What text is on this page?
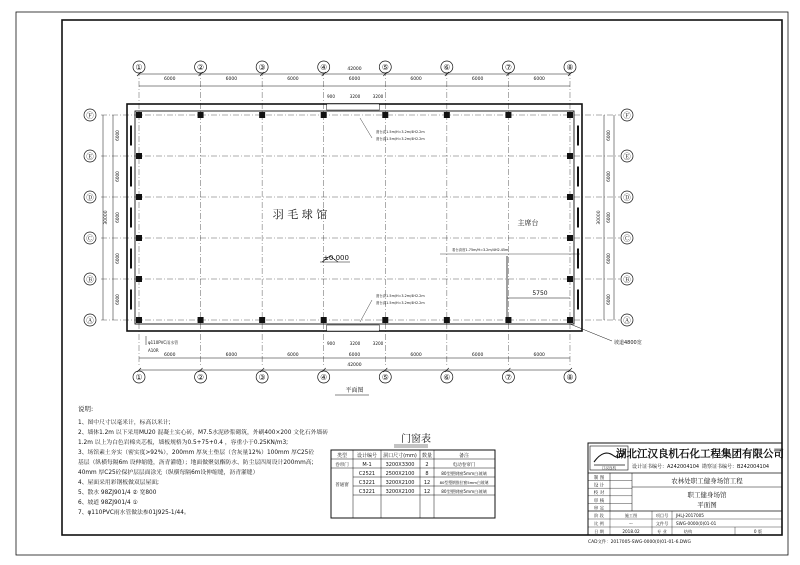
①
①
②
②
③
③
④
④
⑤
⑤
⑥
⑥
⑦
⑦
⑧
⑧
Ⓕ	Ⓕ
Ⓔ	Ⓔ
Ⓓ	Ⓓ
Ⓒ	Ⓒ
Ⓑ	Ⓑ
Ⓐ	Ⓐ
6000	6000	6000	6000	6000	6000	6000
42000
6000	6000	6000	6000	6000	6000	6000
42000
6000	6000
6000	6000
6000	6000
6000	6000
6000	6000
30000	30000
900	3200	3200
900	3200	3200
窗台高1.5m/H=3.2m/4H2.2m
窗台高1.5m/H=3.2m/4H2.2m
窗台高1.5m/H=3.2m/4H2.2m
窗台高1.5m/H=3.2m/4H2.2m
看台高度1.75m/H=3.2m/4H2.45m
5750
主席台
羽 毛 球 馆
±0.000
φ110PVC雨水管
A10R
坡道4800宽
平面图
说明:
1、图中尺寸以毫米计，标高以米计;
2、墙体1.2m 以下采用MU20 混凝土实心砖，M7.5水泥砂浆砌筑，外刷400×200 文化石外墙砖
1.2m 以上为白色岩棉夹芯板，墙板规格为0.5+75+0.4 ，容重小于0.25KN/m3;
3、场馆素土夯实（密实度>92%），200mm 厚灰土垫层（含灰量12%）100mm 厚C25砼
基层（纵横每隔6m 设伸缩缝，沥青灌缝）；地面做聚氨酯防水、防尘层四周设计200mm高;
40mm 厚C25砼保护层层面涂光（纵横每隔6m设伸缩缝，沥青灌缝）
4、屋面采用彩钢板做双层屋面;
5、散水 98ZJ901/4 ② 宽800
6、坡道 98ZJ901/4 ①
7、φ110PVC雨水管做法参01J925-1/44。
门窗表
类型 设计编号 洞口尺寸(mm) 数量	备注
卷帘门	M-1	3200X3300 2	电动卷帘门
普通窗
C2521 2500X2100 8	80型塑钢窗5mm白玻璃
C3221 3200X2100 12 80型塑钢推拉窗5mm白玻璃
C3221 3200X2100 12	80型塑钢窗5mm白玻璃
江汉良机
湖北江汉良机石化工程集团有限公司
设计证书编号：A242004104 勘察证书编号：B242004104
制 图
设 计
校 对
审 核
审 定
农林处职工健身场馆工程
职工健身场馆
平面图
阶 段	施工图	项目号 JHLJ-2017005
比 例	～	文件号 SWG-0000(0)01-01
日 期	2018.02	专 业	结构	0 版
CAD文件：2017005-SWG-0000(0)01-01-6.DWG
